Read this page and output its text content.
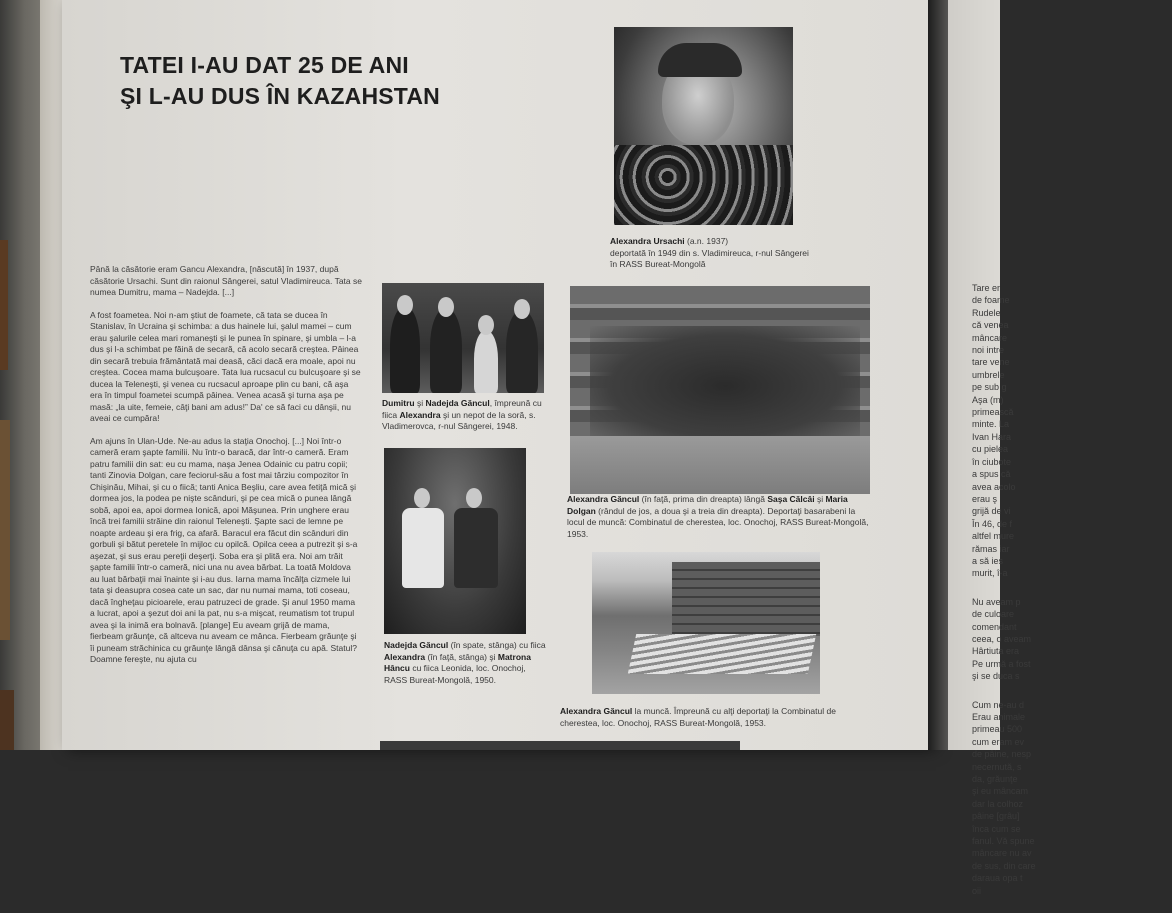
TATEI I-AU DAT 25 DE ANI
ŞI L-AU DUS ÎN KAZAHSTAN

Până la căsătorie eram Gancu Alexandra, [născută] în 1937, după căsătorie Ursachi. Sunt din raionul Sângerei, satul Vladimireuca. Tata se numea Dumitru, mama – Nadejda. [...]

A fost foametea. Noi n-am ştiut de foamete, că tata se ducea în Stanislav, în Ucraina şi schimba: a dus hainele lui, şalul mamei – cum erau şalurile celea mari romaneşti şi le punea în spinare, şi umbla – l-a dus şi l-a schimbat pe făină de secară, că acolo secară creştea. Pâinea din secară trebuia frământată mai deasă, căci dacă era moale, apoi nu creştea. Cocea mama bulcuşoare. Tata lua rucsacul cu bulcuşoare şi se ducea la Teleneşti, şi venea cu rucsacul aproape plin cu bani, că aşa era în timpul foametei scumpă pâinea. Venea acasă şi turna aşa pe masă: „la uite, femeie, câţi bani am adus!” Da' ce să faci cu dânşii, nu aveai ce cumpăra!

Am ajuns în Ulan-Ude. Ne-au adus la staţia Onochoj. [...] Noi într-o cameră eram şapte familii. Nu într-o baracă, dar într-o cameră. Eram patru familii din sat: eu cu mama, naşa Jenea Odainic cu patru copii; tanti Zinovia Dolgan, care feciorul-său a fost mai târziu compozitor în Chişinău, Mihai, şi cu o fiică; tanti Anica Beşliu, care avea fetiţă mică şi dormea jos, la podea pe nişte scânduri, şi pe cea mică o punea lângă sobă, apoi ea, apoi dormea Ionică, apoi Măşunea. Prin unghere erau încă trei familii străine din raionul Teleneşti. Şapte saci de lemne pe noapte ardeau şi era frig, ca afară. Baracul era făcut din scânduri din gorbuli şi bătut peretele în mijloc cu opilcă. Opilca ceea a putrezit şi s-a aşezat, şi sus erau pereţii deşerţi. Soba era şi plită era. Noi am trăit şapte familii într-o cameră, nici una nu avea bărbat. La toată Moldova au luat bărbaţii mai înainte şi i-au dus. Iarna mama încălţa cizmele lui tata şi deasupra cosea cate un sac, dar nu numai mama, toti coseau, dacă îngheţau picioarele, erau patruzeci de grade. Şi anul 1950 mama a lucrat, apoi a şezut doi ani la pat, nu s-a mişcat, reumatism tot trupul avea şi la inimă era bolnavă. [plange] Eu aveam grijă de mama, fierbeam grăunţe, că altceva nu aveam ce mânca. Fierbeam grăunţe şi îi puneam străchinica cu grăunţe lângă dânsa şi cănuţa cu apă. Statul? Doamne fereşte, nu ajuta cu

Alexandra Ursachi (a.n. 1937)
deportată în 1949 din s. Vladimireuca, r-nul Sângerei
în RASS Bureat-Mongolă
Dumitru şi Nadejda Găncul, împreună cu fiica Alexandra şi un nepot de la soră, s. Vladimerovca, r-nul Sângerei, 1948.
Alexandra Găncul (în faţă, prima din dreapta) lângă Saşa Călcâi şi Maria Dolgan (rândul de jos, a doua şi a treia din dreapta). Deportaţi basarabeni la locul de muncă: Combinatul de cherestea, loc. Onochoj, RASS Bureat-Mongolă, 1953.
Nadejda Găncul (în spate, stânga) cu fiica Alexandra (în faţă, stânga) şi Matrona Hâncu cu fiica Leonida, loc. Onochoj, RASS Bureat-Mongolă, 1950.
Alexandra Găncul la muncă. Împreună cu alţi deportaţi la Combinatul de cherestea, loc. Onochoj, RASS Bureat-Mongolă, 1953.

Tare er
de foame
Rudele
că venea
mâncare
noi intre
tare vene
umbrele
pe sub g
Aşa (m)
primească
minte. La
Ivan Hara
cu pielea
în ciubote
a spus că
avea acolo
erau ş
grijă de vi
În 46, de f
altfel mure
rămas iar
a să ies
murit, î-a

Nu aveam p
de culoare
comendant
ceea, o aveam
Hârtiuta era
Pe urmă a fost
şi se duca s

Cum ne-au d
Erau animale
primeau 500
cum eram ev
de pâine, nesp
necernută, s
da, grăunţe
şi eu mâncam
dar la colhoz
pâine [grâu]
înca cum se
fanul. Vă spune
mâncare nu av
de sus, din care
daraua opa t
oii
